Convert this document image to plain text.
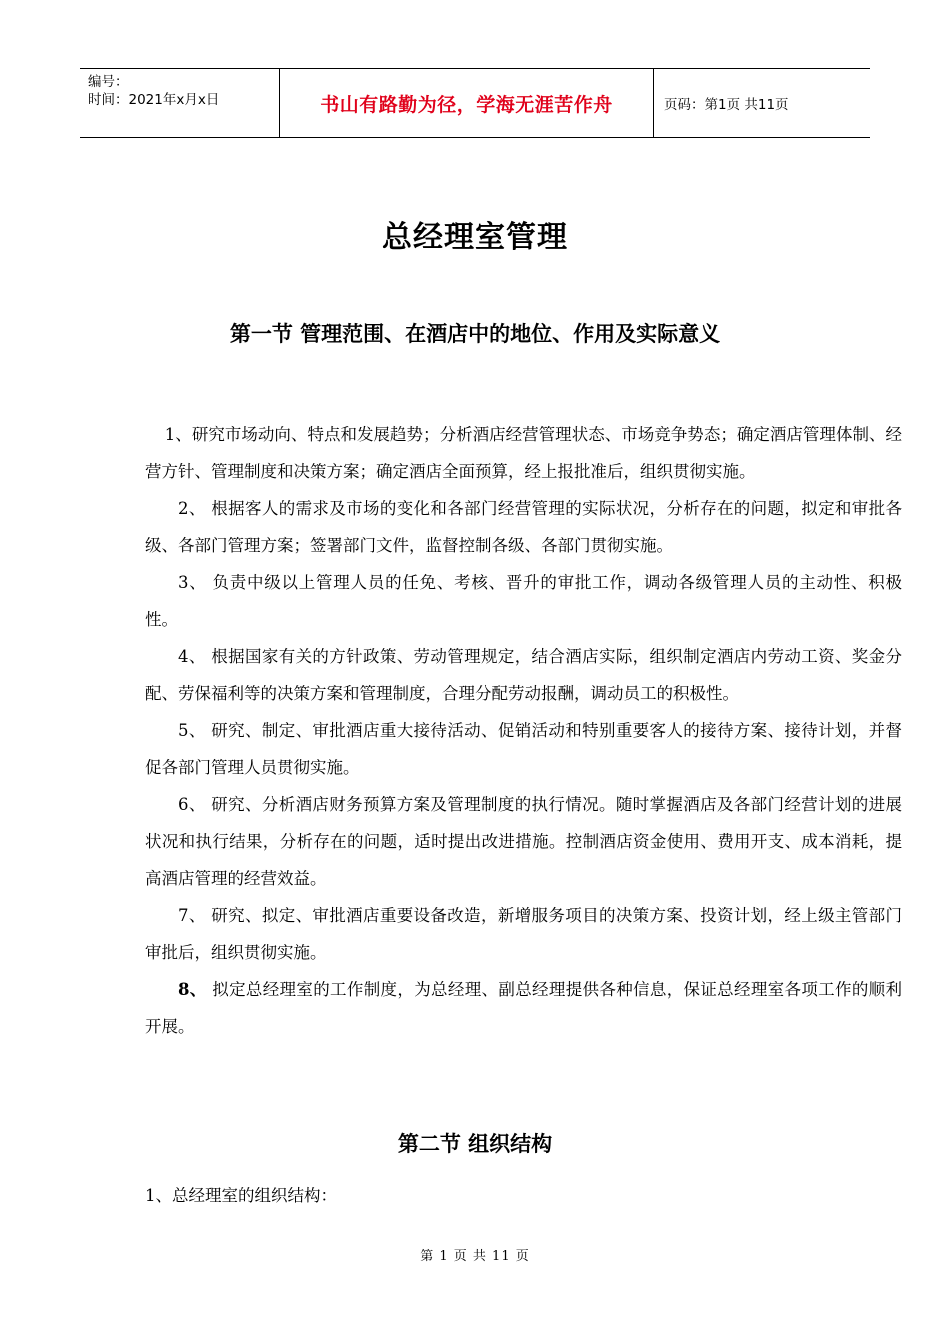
编号：
时间：2021年x月x日	书山有路勤为径，学海无涯苦作舟	页码：第1页 共11页
总经理室管理
第一节 管理范围、在酒店中的地位、作用及实际意义

1、研究市场动向、特点和发展趋势；分析酒店经营管理状态、市场竞争势态；确定酒店管理体制、经营方针、管理制度和决策方案；确定酒店全面预算，经上报批准后，组织贯彻实施。

2、 根据客人的需求及市场的变化和各部门经营管理的实际状况，分析存在的问题，拟定和审批各级、各部门管理方案；签署部门文件，监督控制各级、各部门贯彻实施。

3、 负责中级以上管理人员的任免、考核、晋升的审批工作，调动各级管理人员的主动性、积极性。

4、 根据国家有关的方针政策、劳动管理规定，结合酒店实际，组织制定酒店内劳动工资、奖金分配、劳保福利等的决策方案和管理制度，合理分配劳动报酬，调动员工的积极性。

5、 研究、制定、审批酒店重大接待活动、促销活动和特别重要客人的接待方案、接待计划，并督促各部门管理人员贯彻实施。

6、 研究、分析酒店财务预算方案及管理制度的执行情况。随时掌握酒店及各部门经营计划的进展状况和执行结果，分析存在的问题，适时提出改进措施。控制酒店资金使用、费用开支、成本消耗，提高酒店管理的经营效益。

7、 研究、拟定、审批酒店重要设备改造，新增服务项目的决策方案、投资计划，经上级主管部门审批后，组织贯彻实施。

8、 拟定总经理室的工作制度，为总经理、副总经理提供各种信息，保证总经理室各项工作的顺利开展。

第二节 组织结构
1、总经理室的组织结构：
第 1 页 共 11 页
